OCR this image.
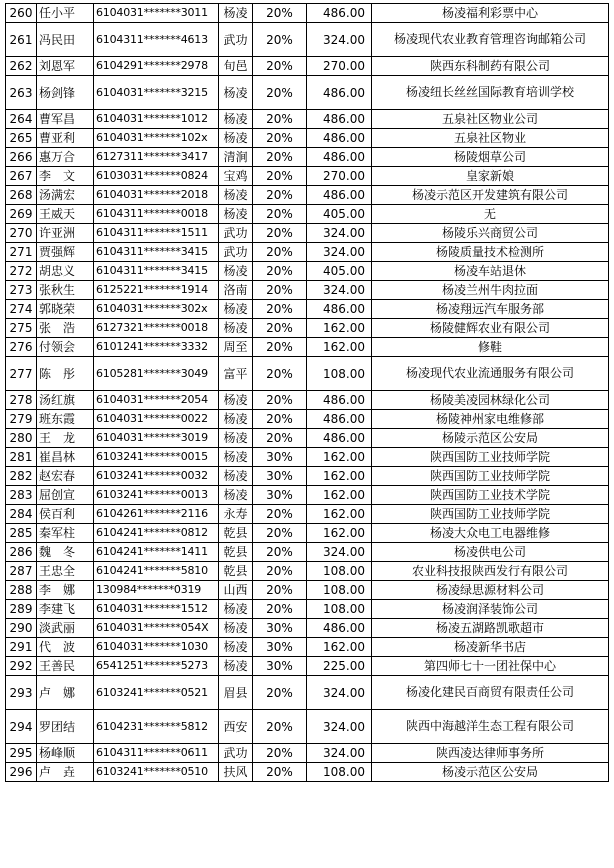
260	任小平	6104031*******3011	杨凌	20%	486.00	杨凌福利彩票中心
261	冯民田	6104311*******4613	武功	20%	324.00	杨凌现代农业教育管理咨询邮箱公司
262	刘恩军	6104291*******2978	旬邑	20%	270.00	陕西东科制药有限公司
263	杨剑锋	6104031*******3215	杨凌	20%	486.00	杨凌纽长丝丝国际教育培训学校
264	曹军昌	6104031*******1012	杨凌	20%	486.00	五泉社区物业公司
265	曹亚利	6104031*******102x	杨凌	20%	486.00	五泉社区物业
266	惠万合	6127311*******3417	清涧	20%	486.00	杨陵烟草公司
267	李　文	6103031*******0824	宝鸡	20%	270.00	皇家新娘
268	汤满宏	6104031*******2018	杨凌	20%	486.00	杨凌示范区开发建筑有限公司
269	王威天	6104311*******0018	杨凌	20%	405.00	无
270	许亚洲	6104311*******1511	武功	20%	324.00	杨陵乐兴商贸公司
271	贾强辉	6104311*******3415	武功	20%	324.00	杨陵质量技术检测所
272	胡忠义	6104311*******3415	杨凌	20%	405.00	杨凌车站退休
273	张秋生	6125221*******1914	洛南	20%	324.00	杨凌兰州牛肉拉面
274	郭晓荣	6104031*******302x	杨凌	20%	486.00	杨凌翔远汽车服务部
275	张　浩	6127321*******0018	杨凌	20%	162.00	杨陵健辉农业有限公司
276	付领会	6101241*******3332	周至	20%	162.00	修鞋
277	陈　彤	6105281*******3049	富平	20%	108.00	杨凌现代农业流通服务有限公司
278	汤红旗	6104031*******2054	杨凌	20%	486.00	杨陵美凌园林绿化公司
279	班东霞	6104031*******0022	杨凌	20%	486.00	杨陵神州家电维修部
280	王　龙	6104031*******3019	杨凌	20%	486.00	杨陵示范区公安局
281	崔昌林	6103241*******0015	杨凌	30%	162.00	陕西国防工业技师学院
282	赵宏春	6103241*******0032	杨凌	30%	162.00	陕西国防工业技师学院
283	屈创宣	6103241*******0013	杨凌	30%	162.00	陕西国防工业技术学院
284	侯百利	6104261*******2116	永寿	20%	162.00	陕西国防工业技师学院
285	秦军柱	6104241*******0812	乾县	20%	162.00	杨凌大众电工电器维修
286	魏　冬	6104241*******1411	乾县	20%	324.00	杨凌供电公司
287	王忠全	6104241*******5810	乾县	20%	108.00	农业科技报陕西发行有限公司
288	李　娜	130984*******0319	山西	20%	108.00	杨凌绿思源材料公司
289	李建飞	6104031*******1512	杨凌	20%	108.00	杨凌润泽装饰公司
290	淡武丽	6104031*******054X	杨凌	30%	486.00	杨凌五湖路凯歌超市
291	代　波	6104031*******1030	杨凌	30%	162.00	杨凌新华书店
292	王善民	6541251*******5273	杨凌	30%	225.00	第四师七十一团社保中心
293	卢　娜	6103241*******0521	眉县	20%	324.00	杨凌化建民百商贸有限责任公司
294	罗团结	6104231*******5812	西安	20%	324.00	陕西中海越洋生态工程有限公司
295	杨峰顺	6104311*******0611	武功	20%	324.00	陕西凌达律师事务所
296	卢　垚	6103241*******0510	扶风	20%	108.00	杨凌示范区公安局
